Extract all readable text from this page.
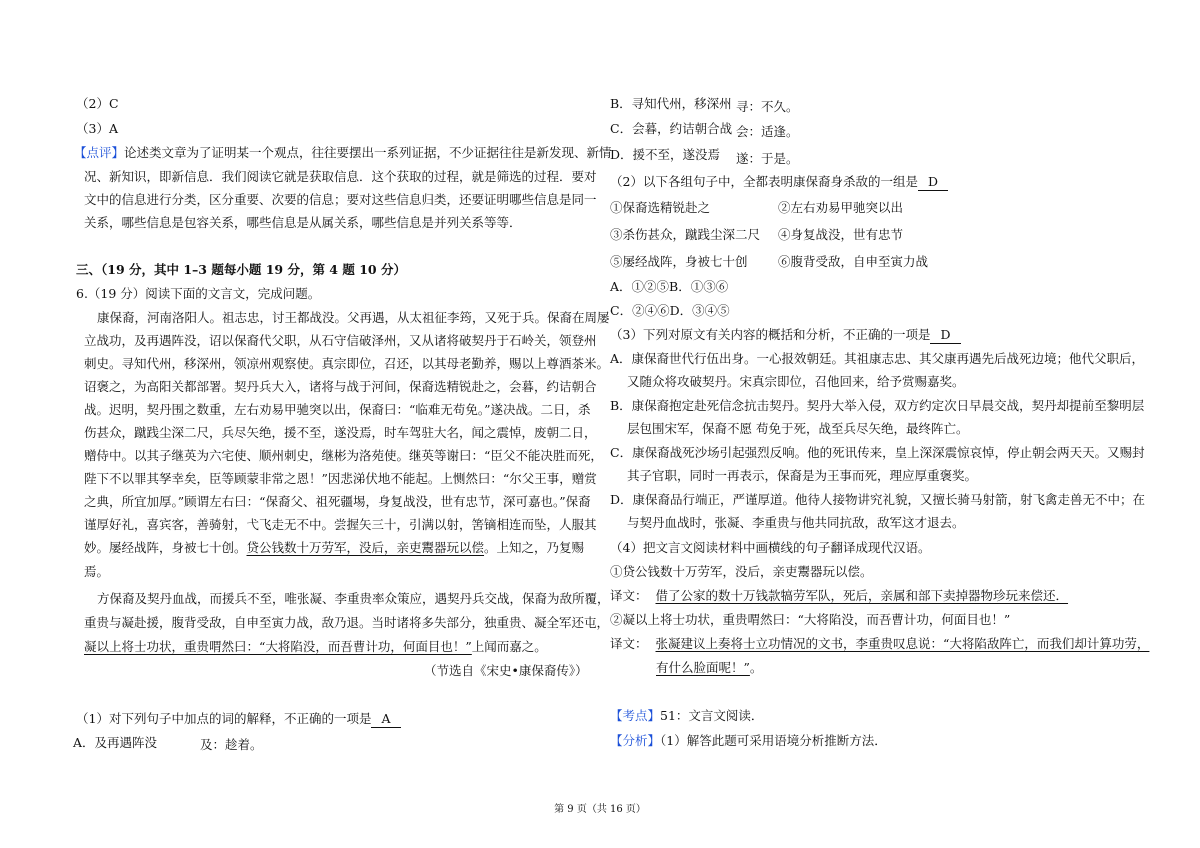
（2）C
（3）A
【点评】论述类文章为了证明某一个观点，往往要摆出一系列证据，不少证据往往是新发现、新情
况、新知识，即新信息．我们阅读它就是获取信息．这个获取的过程，就是筛选的过程．要对
文中的信息进行分类，区分重要、次要的信息；要对这些信息归类，还要证明哪些信息是同一
关系，哪些信息是包容关系，哪些信息是从属关系，哪些信息是并列关系等等．
三、（19 分，其中 1–3 题每小题 19 分，第 4 题 10 分）
6.（19 分）阅读下面的文言文，完成问题。
康保裔，河南洛阳人。祖志忠，讨王都战没。父再遇，从太祖征李筠，又死于兵。保裔在周屡
立战功，及再遇阵没，诏以保裔代父职，从石守信破泽州，又从诸将破契丹于石岭关，领登州
刺史。寻知代州，移深州，领凉州观察使。真宗即位，召还，以其母老勤养，赐以上尊酒茶米。
诏褒之，为高阳关都部署。契丹兵大入，诸将与战于河间，保裔选精锐赴之，会暮，约诘朝合
战。迟明，契丹围之数重，左右劝易甲驰突以出，保裔曰：“临难无苟免。”遂决战。二日，杀
伤甚众，蹴践尘深二尺，兵尽矢绝，援不至，遂没焉，时车驾驻大名，闻之震悼，废朝二日，
赠侍中。以其子继英为六宅使、顺州刺史，继彬为洛苑使。继英等谢曰：“臣父不能决胜而死，
陛下不以罪其孥幸矣，臣等顾蒙非常之恩！”因悲涕伏地不能起。上恻然曰：“尔父王事，赠赏
之典，所宜加厚。”顾谓左右曰：“保裔父、祖死疆埸，身复战没，世有忠节，深可嘉也。”保裔
谨厚好礼，喜宾客，善骑射，弋飞走无不中。尝握矢三十，引满以射，筈镝相连而坠，人服其
妙。屡经战阵，身被七十创。贷公钱数十万劳军，没后，亲吏鬻器玩以偿。上知之，乃复赐
焉。
方保裔及契丹血战，而援兵不至，唯张凝、李重贵率众策应，遇契丹兵交战，保裔为敌所覆，
重贵与凝赴援，腹背受敌，自申至寅力战，敌乃退。当时诸将多失部分，独重贵、凝全军还屯，
凝以上将士功状，重贵喟然曰：“大将陷没，而吾曹计功，何面目也！”上闻而嘉之。
（节选自《宋史•康保裔传》）
（1）对下列句子中加点的词的解释，不正确的一项是 A
A．及再遇阵没	及：趁着。
B．寻知代州，移深州 寻：不久。
C．会暮，约诘朝合战 会：适逢。
D．援不至，遂没焉 遂：于是。
（2）以下各组句子中，全都表明康保裔身杀敌的一组是 D
①保裔选精锐赴之	②左右劝易甲驰突以出
③杀伤甚众，蹴践尘深二尺 ④身复战没，世有忠节
⑤屡经战阵，身被七十创 ⑥腹背受敌，自申至寅力战
A．①②⑤B．①③⑥
C．②④⑥D．③④⑤
（3）下列对原文有关内容的概括和分析，不正确的一项是 D
A．康保裔世代行伍出身。一心报效朝廷。其祖康志忠、其父康再遇先后战死边境；他代父职后，
又随众将攻破契丹。宋真宗即位，召他回来，给予赏赐嘉奖。
B．康保裔抱定赴死信念抗击契丹。契丹大举入侵，双方约定次日早晨交战，契丹却提前至黎明层
层包围宋军，保裔不愿 苟免于死，战至兵尽矢绝，最终阵亡。
C．康保裔战死沙场引起强烈反响。他的死讯传来，皇上深深震惊哀悼，停止朝会两天天。又赐封
其子官职，同时一再表示，保裔是为王事而死，理应厚重褒奖。
D．康保裔品行端正，严谨厚道。他待人接物讲究礼貌，又擅长骑马射箭，射飞禽走兽无不中；在
与契丹血战时，张凝、李重贵与他共同抗敌，敌军这才退去。
（4）把文言文阅读材料中画横线的句子翻译成现代汉语。
①贷公钱数十万劳军，没后，亲吏鬻器玩以偿。
译文： 借了公家的数十万钱款犒劳军队，死后，亲属和部下卖掉器物珍玩来偿还．
②凝以上将士功状，重贵喟然曰：“大将陷没，而吾曹计功，何面目也！”
译文： 张凝建议上奏将士立功情况的文书，李重贵叹息说：“大将陷敌阵亡，而我们却计算功劳，
有什么脸面呢！”。
【考点】51：文言文阅读．
【分析】（1）解答此题可采用语境分析推断方法．
第 9 页（共 16 页）
